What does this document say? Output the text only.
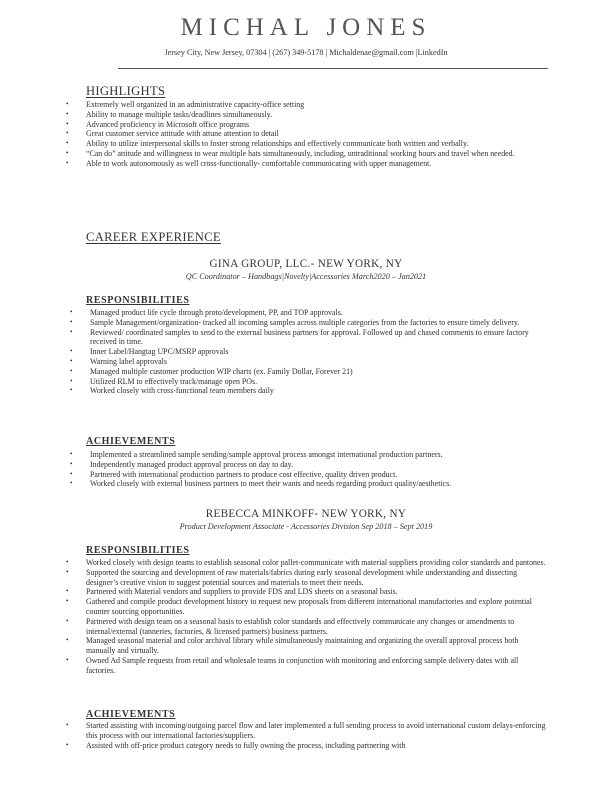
MICHAL JONES
Jersey City, New Jersey, 07304 | (267) 349-5178 | Michaldenae@gmail.com |LinkedIn
HIGHLIGHTS
• Extremely well organized in an administrative capacity-office setting
• Ability to manage multiple tasks/deadlines simultaneously.
• Advanced proficiency in Microsoft office programs
• Great customer service attitude with attune attention to detail
• Ability to utilize interpersonal skills to foster strong relationships and effectively communicate both written and verbally.
• “Can do” attitude and willingness to wear multiple hats simultaneously, including, untraditional working hours and travel when needed.
• Able to work autonomously as well cross-functionally- comfortable communicating with upper management.
CAREER EXPERIENCE
GINA GROUP, LLC.- NEW YORK, NY
QC Coordinator – Handbags|Novelty|Accessories March2020 – Jan2021
RESPONSIBILITIES
• Managed product life cycle through proto/development, PP, and TOP approvals.
• Sample Management/organization- tracked all incoming samples across multiple categories from the factories to ensure timely delivery.
• Reviewed/ coordinated samples to send to the external business partners for approval. Followed up and chased comments to ensure factory received in time.
• Inner Label/Hangtag UPC/MSRP approvals
• Warning label approvals
• Managed multiple customer production WIP charts (ex. Family Dollar, Forever 21)
• Utilized RLM to effectively track/manage open POs.
• Worked closely with cross-functional team members daily
ACHIEVEMENTS
• Implemented a streamlined sample sending/sample approval process amongst international production partners.
• Independently managed product approval process on day to day.
• Partnered with international production partners to produce cost effective, quality driven product.
• Worked closely with external business partners to meet their wants and needs regarding product quality/aesthetics.
REBECCA MINKOFF- NEW YORK, NY
Product Development Associate - Accessories Division Sep 2018 – Sept 2019
RESPONSIBILITIES
• Worked closely with design teams to establish seasonal color pallet-communicate with material suppliers providing color standards and pantones.
• Supported the sourcing and development of raw materials/fabrics during early seasonal development while understanding and dissecting designer’s creative vision to suggest potential sources and materials to meet their needs.
• Partnered with Material vendors and suppliers to provide FDS and LDS sheets on a seasonal basis.
• Gathered and compile product development history to request new proposals from different international manufactories and explore potential counter sourcing opportunities.
• Partnered with design team on a seasonal basis to establish color standards and effectively communicate any changes or amendments to internal/external (tanneries, factories, & licensed partners) business partners.
• Managed seasonal material and color archival library while simultaneously maintaining and organizing the overall approval process both manually and virtually.
• Owned Ad Sample requests from retail and wholesale teams in conjunction with monitoring and enforcing sample delivery dates with all factories.
ACHIEVEMENTS
• Started assisting with incoming/outgoing parcel flow and later implemented a full sending process to avoid international custom delays-enforcing this process with our international factories/suppliers.
• Assisted with off-price product category needs to fully owning the process, including partnering with
